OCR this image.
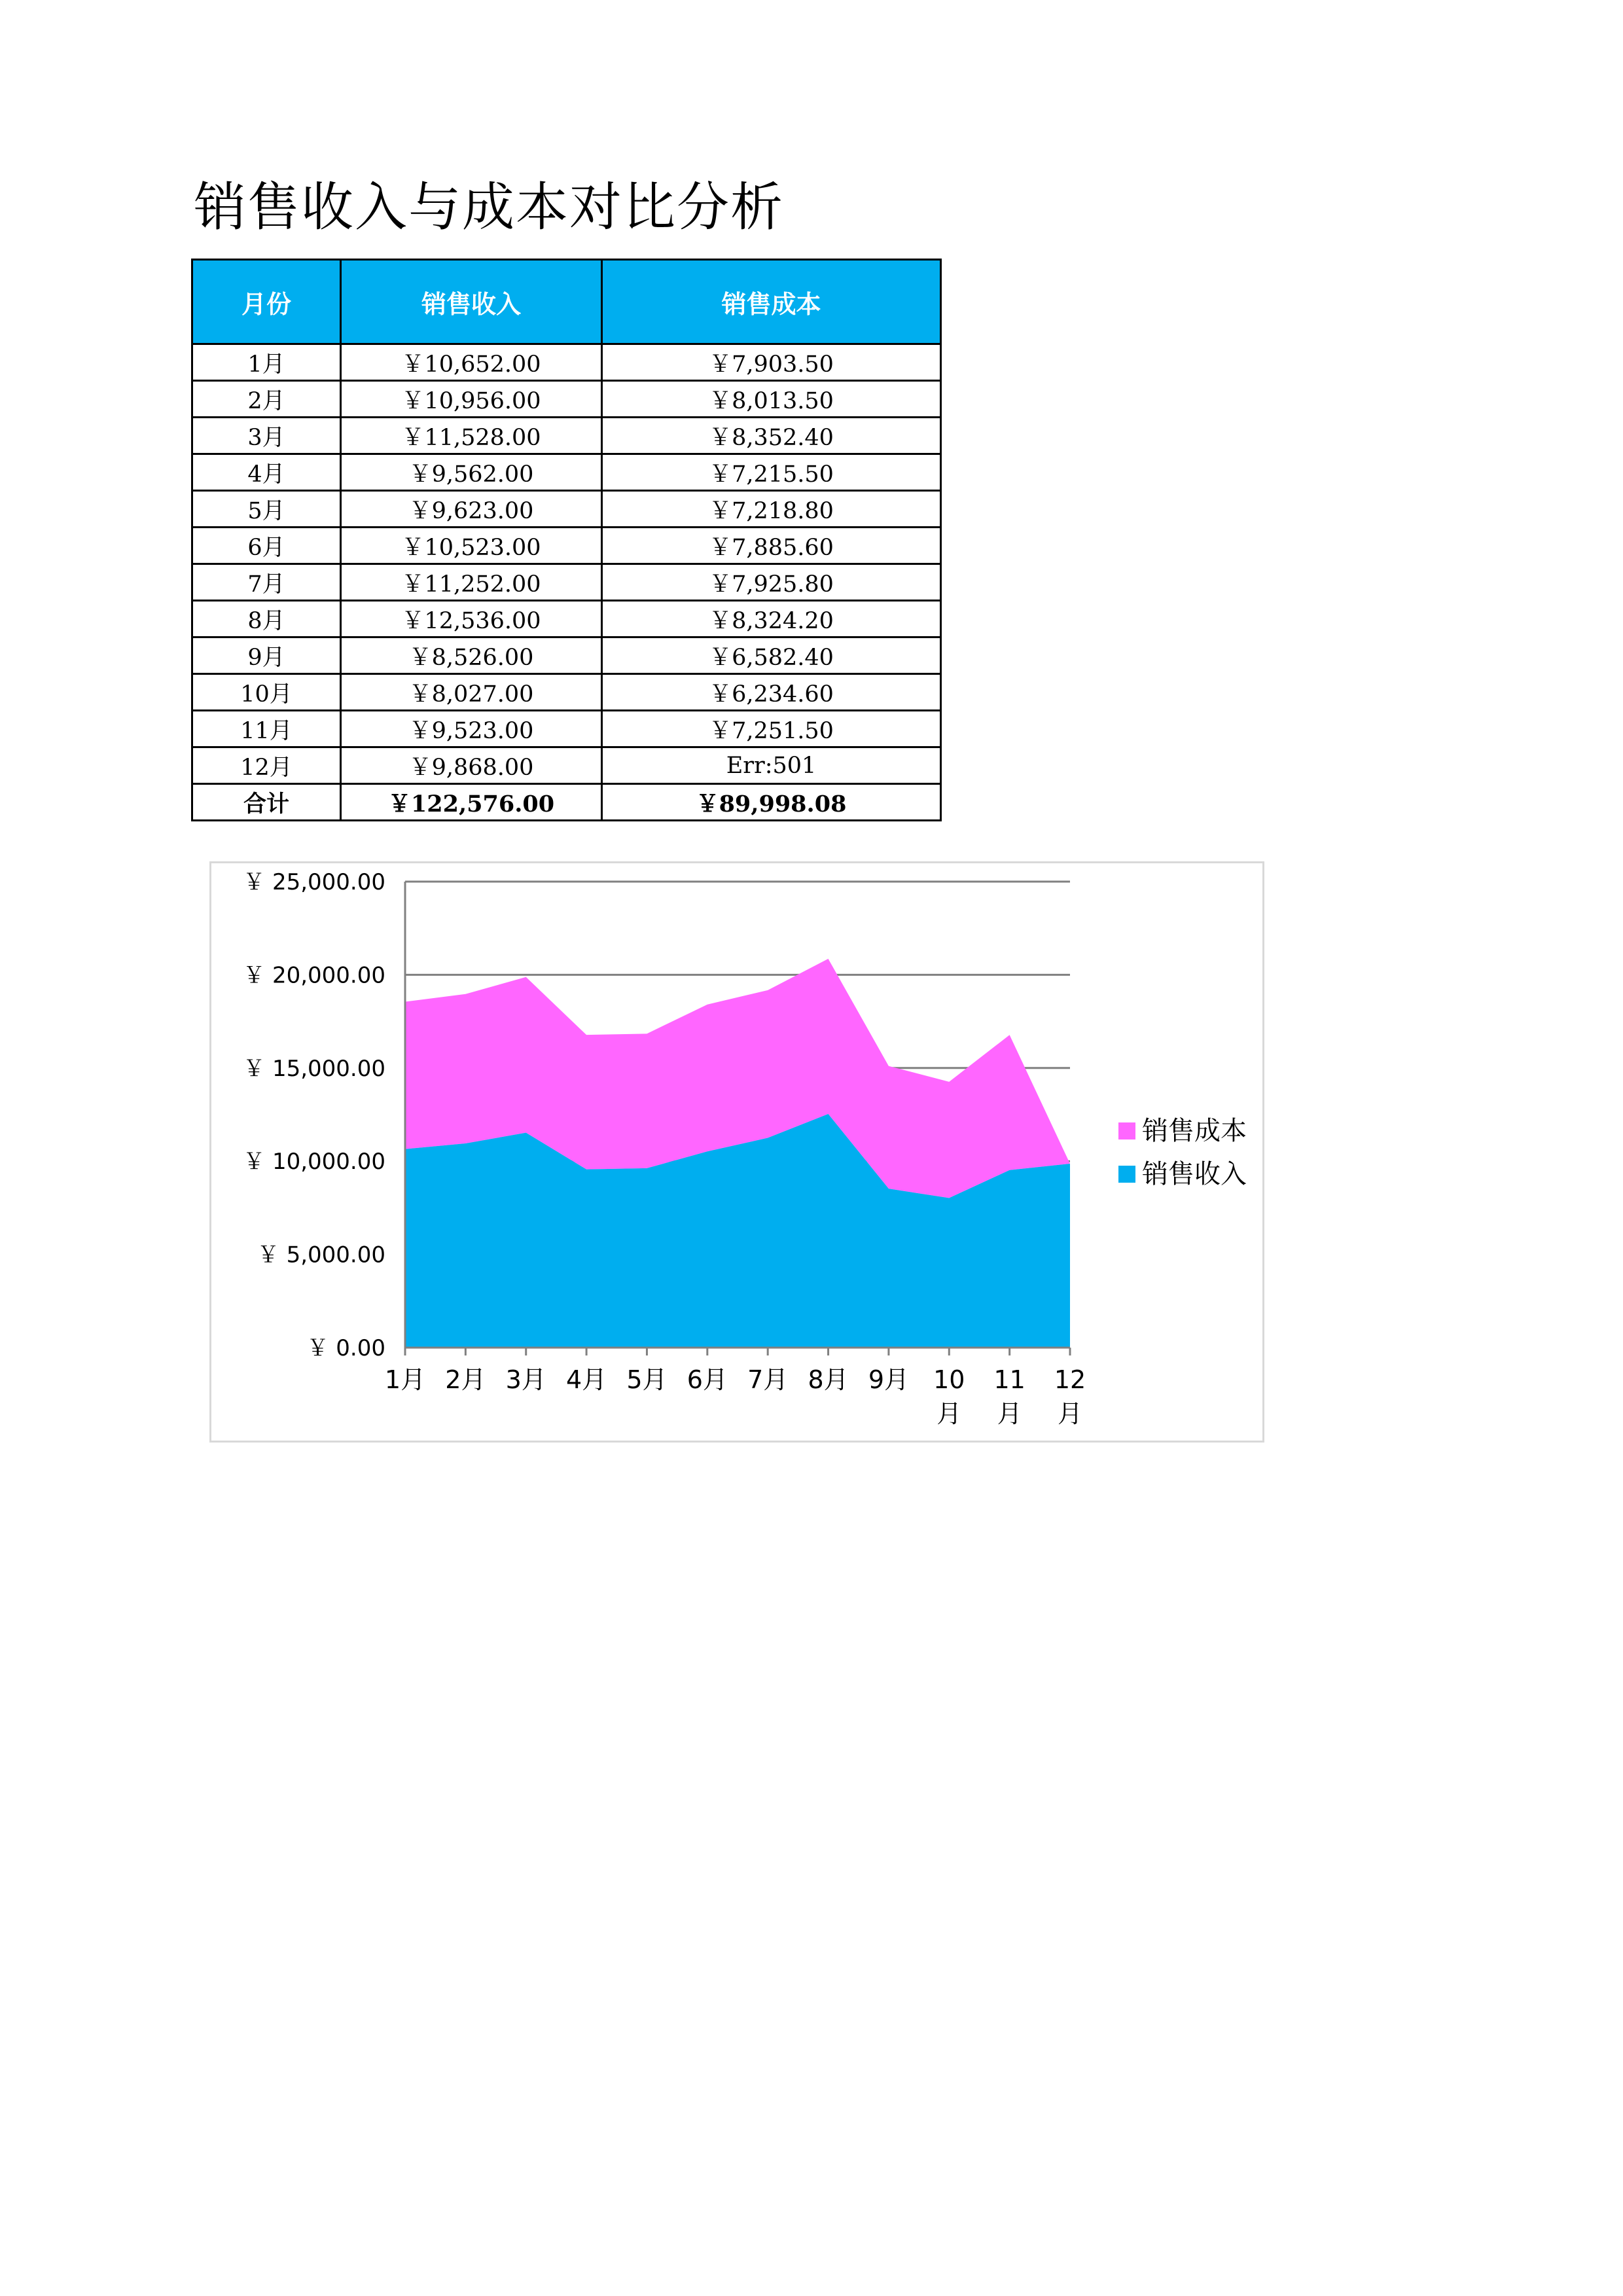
销售收入与成本对比分析
月份	销售收入	销售成本
1月	￥10,652.00	￥7,903.50
2月	￥10,956.00	￥8,013.50
3月	￥11,528.00	￥8,352.40
4月	￥9,562.00	￥7,215.50
5月	￥9,623.00	￥7,218.80
6月	￥10,523.00	￥7,885.60
7月	￥11,252.00	￥7,925.80
8月	￥12,536.00	￥8,324.20
9月	￥8,526.00	￥6,582.40
10月	￥8,027.00	￥6,234.60
11月	￥9,523.00	￥7,251.50
12月	￥9,868.00	Err:501
合计	￥122,576.00	￥89,998.08
￥ 0.00
￥ 5,000.00
￥ 10,000.00
￥ 15,000.00
￥ 20,000.00
￥ 25,000.00
1月 2月 3月 4月 5月 6月 7月 8月 9月 10
月
11
月
12
月
销售成本
销售收入
